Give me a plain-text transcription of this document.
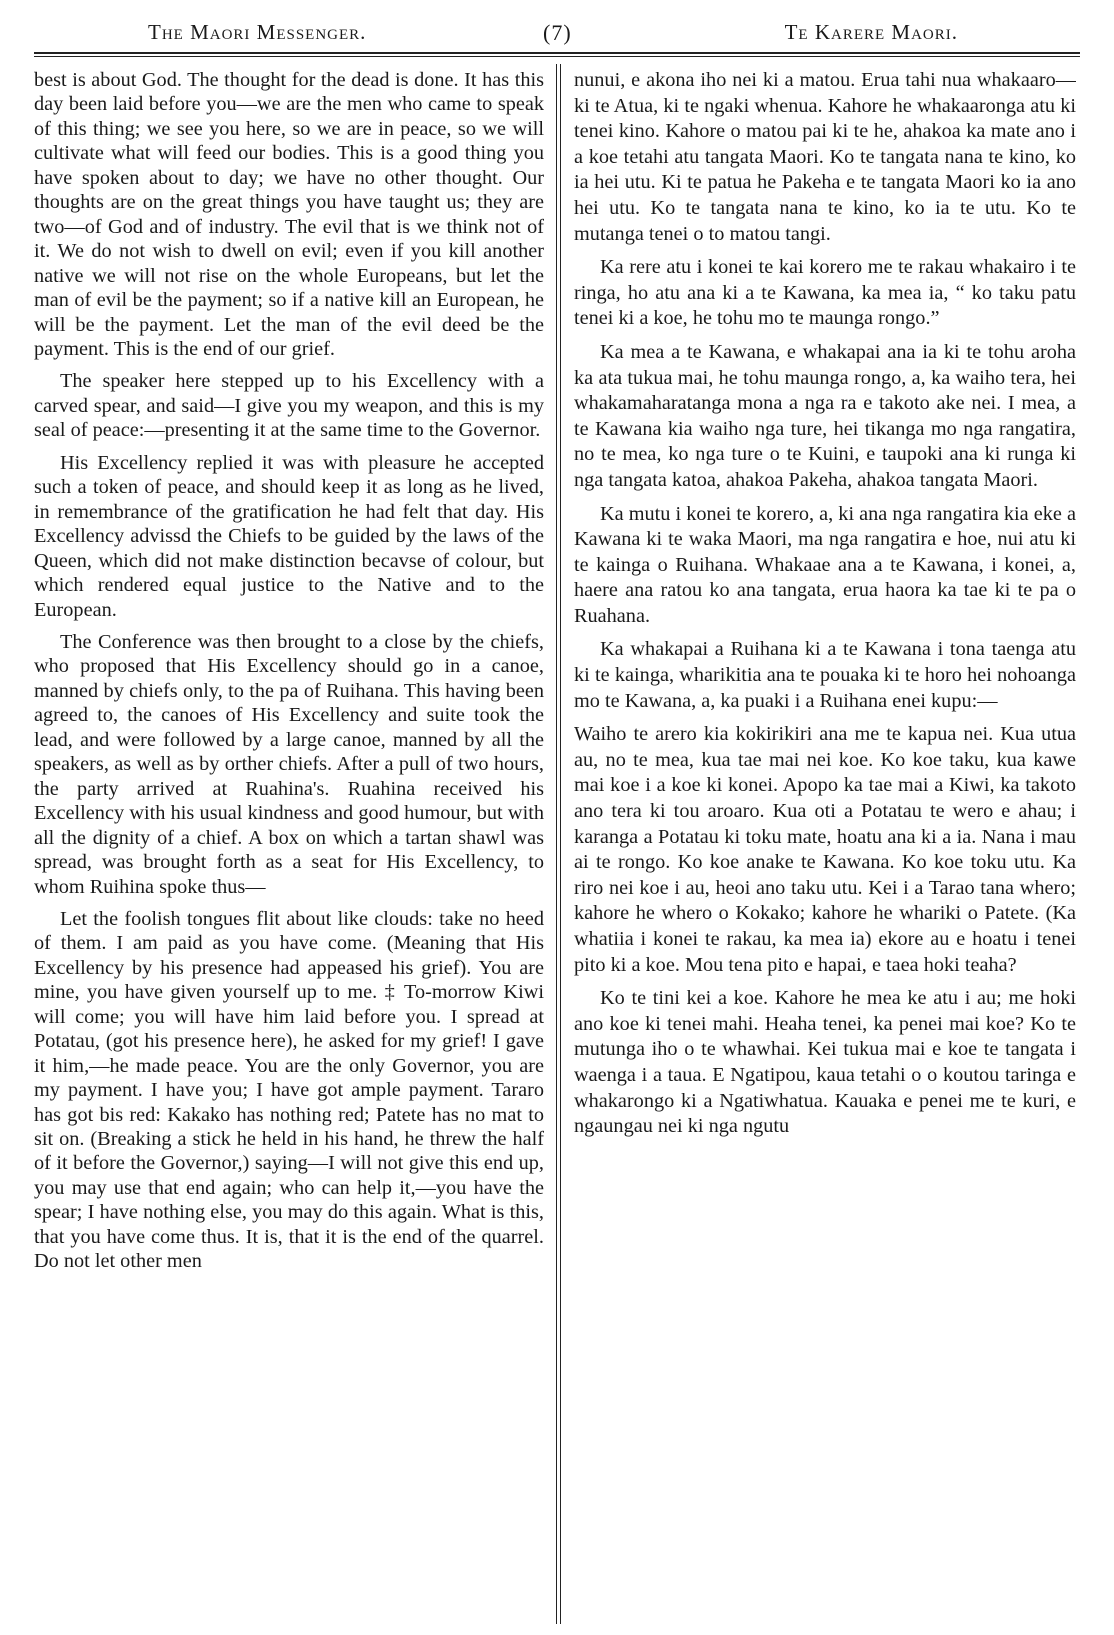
The Maori Messenger.	(7)	Te Karere Maori.

best is about God. The thought for the dead is done. It has this day been laid before you—we are the men who came to speak of this thing; we see you here, so we are in peace, so we will cultivate what will feed our bodies. This is a good thing you have spoken about to day; we have no other thought. Our thoughts are on the great things you have taught us; they are two—of God and of industry. The evil that is we think not of it. We do not wish to dwell on evil; even if you kill another native we will not rise on the whole Europeans, but let the man of evil be the payment; so if a native kill an European, he will be the payment. Let the man of the evil deed be the payment. This is the end of our grief.

The speaker here stepped up to his Excellency with a carved spear, and said—I give you my weapon, and this is my seal of peace:—presenting it at the same time to the Governor.

His Excellency replied it was with pleasure he accepted such a token of peace, and should keep it as long as he lived, in remembrance of the gratification he had felt that day. His Excellency advissd the Chiefs to be guided by the laws of the Queen, which did not make distinction becavse of colour, but which rendered equal justice to the Native and to the European.

The Conference was then brought to a close by the chiefs, who proposed that His Excellency should go in a canoe, manned by chiefs only, to the pa of Ruihana. This having been agreed to, the canoes of His Excellency and suite took the lead, and were followed by a large canoe, manned by all the speakers, as well as by orther chiefs. After a pull of two hours, the party arrived at Ruahina's. Ruahina received his Excellency with his usual kindness and good humour, but with all the dignity of a chief. A box on which a tartan shawl was spread, was brought forth as a seat for His Excellency, to whom Ruihina spoke thus—

Let the foolish tongues flit about like clouds: take no heed of them. I am paid as you have come. (Meaning that His Excellency by his presence had appeased his grief). You are mine, you have given yourself up to me. ‡ To-morrow Kiwi will come; you will have him laid before you. I spread at Potatau, (got his presence here), he asked for my grief! I gave it him,—he made peace. You are the only Governor, you are my payment. I have you; I have got ample payment. Tararo has got bis red: Kakako has nothing red; Patete has no mat to sit on. (Breaking a stick he held in his hand, he threw the half of it before the Governor,) saying—I will not give this end up, you may use that end again; who can help it,—you have the spear; I have nothing else, you may do this again. What is this, that you have come thus. It is, that it is the end of the quarrel. Do not let other men

nunui, e akona iho nei ki a matou. Erua tahi nua whakaaro—ki te Atua, ki te ngaki whenua. Kahore he whakaaronga atu ki tenei kino. Kahore o matou pai ki te he, ahakoa ka mate ano i a koe tetahi atu tangata Maori. Ko te tangata nana te kino, ko ia hei utu. Ki te patua he Pakeha e te tangata Maori ko ia ano hei utu. Ko te tangata nana te kino, ko ia te utu. Ko te mutanga tenei o to matou tangi.

Ka rere atu i konei te kai korero me te rakau whakairo i te ringa, ho atu ana ki a te Kawana, ka mea ia, “ ko taku patu tenei ki a koe, he tohu mo te maunga rongo.”

Ka mea a te Kawana, e whakapai ana ia ki te tohu aroha ka ata tukua mai, he tohu maunga rongo, a, ka waiho tera, hei whakamaharatanga mona a nga ra e takoto ake nei. I mea, a te Kawana kia waiho nga ture, hei tikanga mo nga rangatira, no te mea, ko nga ture o te Kuini, e taupoki ana ki runga ki nga tangata katoa, ahakoa Pakeha, ahakoa tangata Maori.

Ka mutu i konei te korero, a, ki ana nga rangatira kia eke a Kawana ki te waka Maori, ma nga rangatira e hoe, nui atu ki te kainga o Ruihana. Whakaae ana a te Kawana, i konei, a, haere ana ratou ko ana tangata, erua haora ka tae ki te pa o Ruahana.

Ka whakapai a Ruihana ki a te Kawana i tona taenga atu ki te kainga, wharikitia ana te pouaka ki te horo hei nohoanga mo te Kawana, a, ka puaki i a Ruihana enei kupu:—

Waiho te arero kia kokirikiri ana me te kapua nei. Kua utua au, no te mea, kua tae mai nei koe. Ko koe taku, kua kawe mai koe i a koe ki konei. Apopo ka tae mai a Kiwi, ka takoto ano tera ki tou aroaro. Kua oti a Potatau te wero e ahau; i karanga a Potatau ki toku mate, hoatu ana ki a ia. Nana i mau ai te rongo. Ko koe anake te Kawana. Ko koe toku utu. Ka riro nei koe i au, heoi ano taku utu. Kei i a Tarao tana whero; kahore he whero o Kokako; kahore he whariki o Patete. (Ka whatiia i konei te rakau, ka mea ia) ekore au e hoatu i tenei pito ki a koe. Mou tena pito e hapai, e taea hoki teaha?

Ko te tini kei a koe. Kahore he mea ke atu i au; me hoki ano koe ki tenei mahi. Heaha tenei, ka penei mai koe? Ko te mutunga iho o te whawhai. Kei tukua mai e koe te tangata i waenga i a taua. E Ngatipou, kaua tetahi o o koutou taringa e whakarongo ki a Ngatiwhatua. Kauaka e penei me te kuri, e ngaungau nei ki nga ngutu
